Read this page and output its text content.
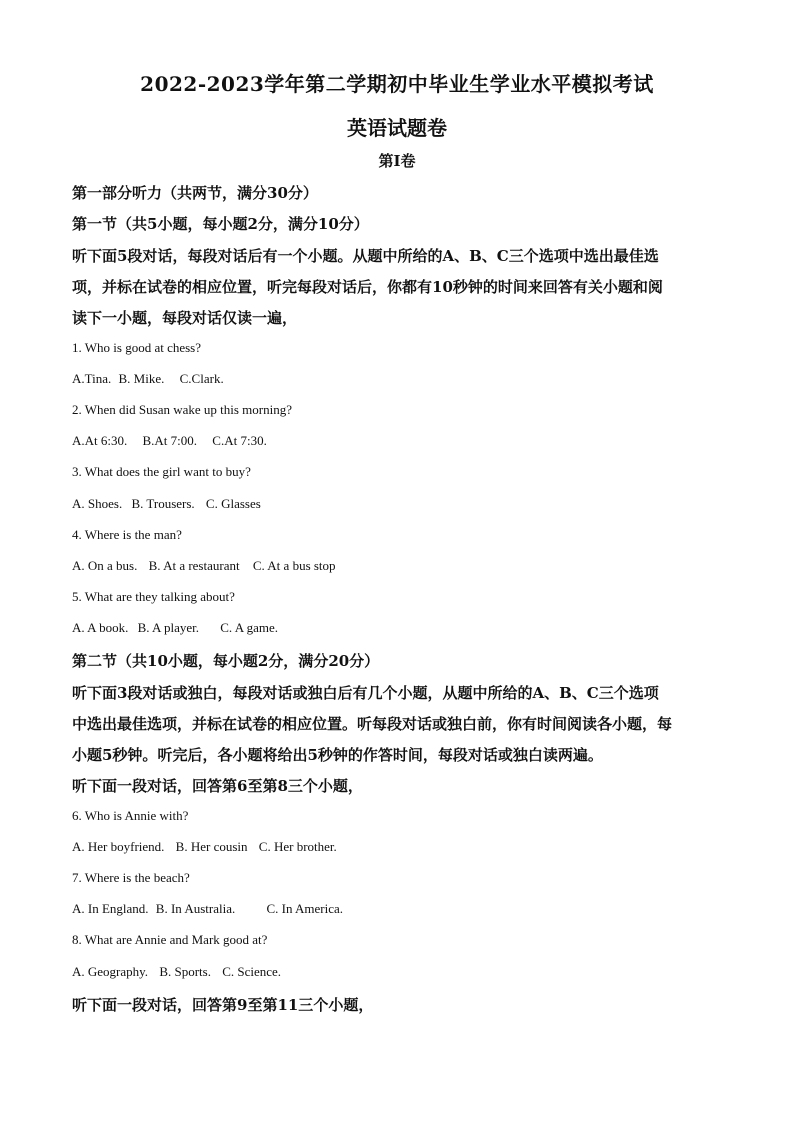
2022-2023学年第二学期初中毕业生学业水平模拟考试
英语试题卷
第I卷
第一部分听力（共两节，满分30分）
第一节（共5小题，每小题2分，满分10分）
听下面5段对话，每段对话后有一个小题。从题中所给的A、B、C三个选项中选出最佳选
项，并标在试卷的相应位置，听完每段对话后，你都有10秒钟的时间来回答有关小题和阅
读下一小题，每段对话仅读一遍，
1. Who is good at chess?
A.Tina. B. Mike. C.Clark.
2. When did Susan wake up this morning?
A.At 6:30. B.At 7:00. C.At 7:30.
3. What does the girl want to buy?
A. Shoes. B. Trousers. C. Glasses
4. Where is the man?
A. On a bus. B. At a restaurant C. At a bus stop
5. What are they talking about?
A. A book. B. A player. C. A game.
第二节（共10小题，每小题2分，满分20分）
听下面3段对话或独白，每段对话或独白后有几个小题，从题中所给的A、B、C三个选项
中选出最佳选项，并标在试卷的相应位置。听每段对话或独白前，你有时间阅读各小题，每
小题5秒钟。听完后，各小题将给出5秒钟的作答时间，每段对话或独白读两遍。
听下面一段对话，回答第6至第8三个小题，
6. Who is Annie with?
A. Her boyfriend. B. Her cousin C. Her brother.
7. Where is the beach?
A. In England. B. In Australia. C. In America.
8. What are Annie and Mark good at?
A. Geography. B. Sports. C. Science.
听下面一段对话，回答第9至第11三个小题，
